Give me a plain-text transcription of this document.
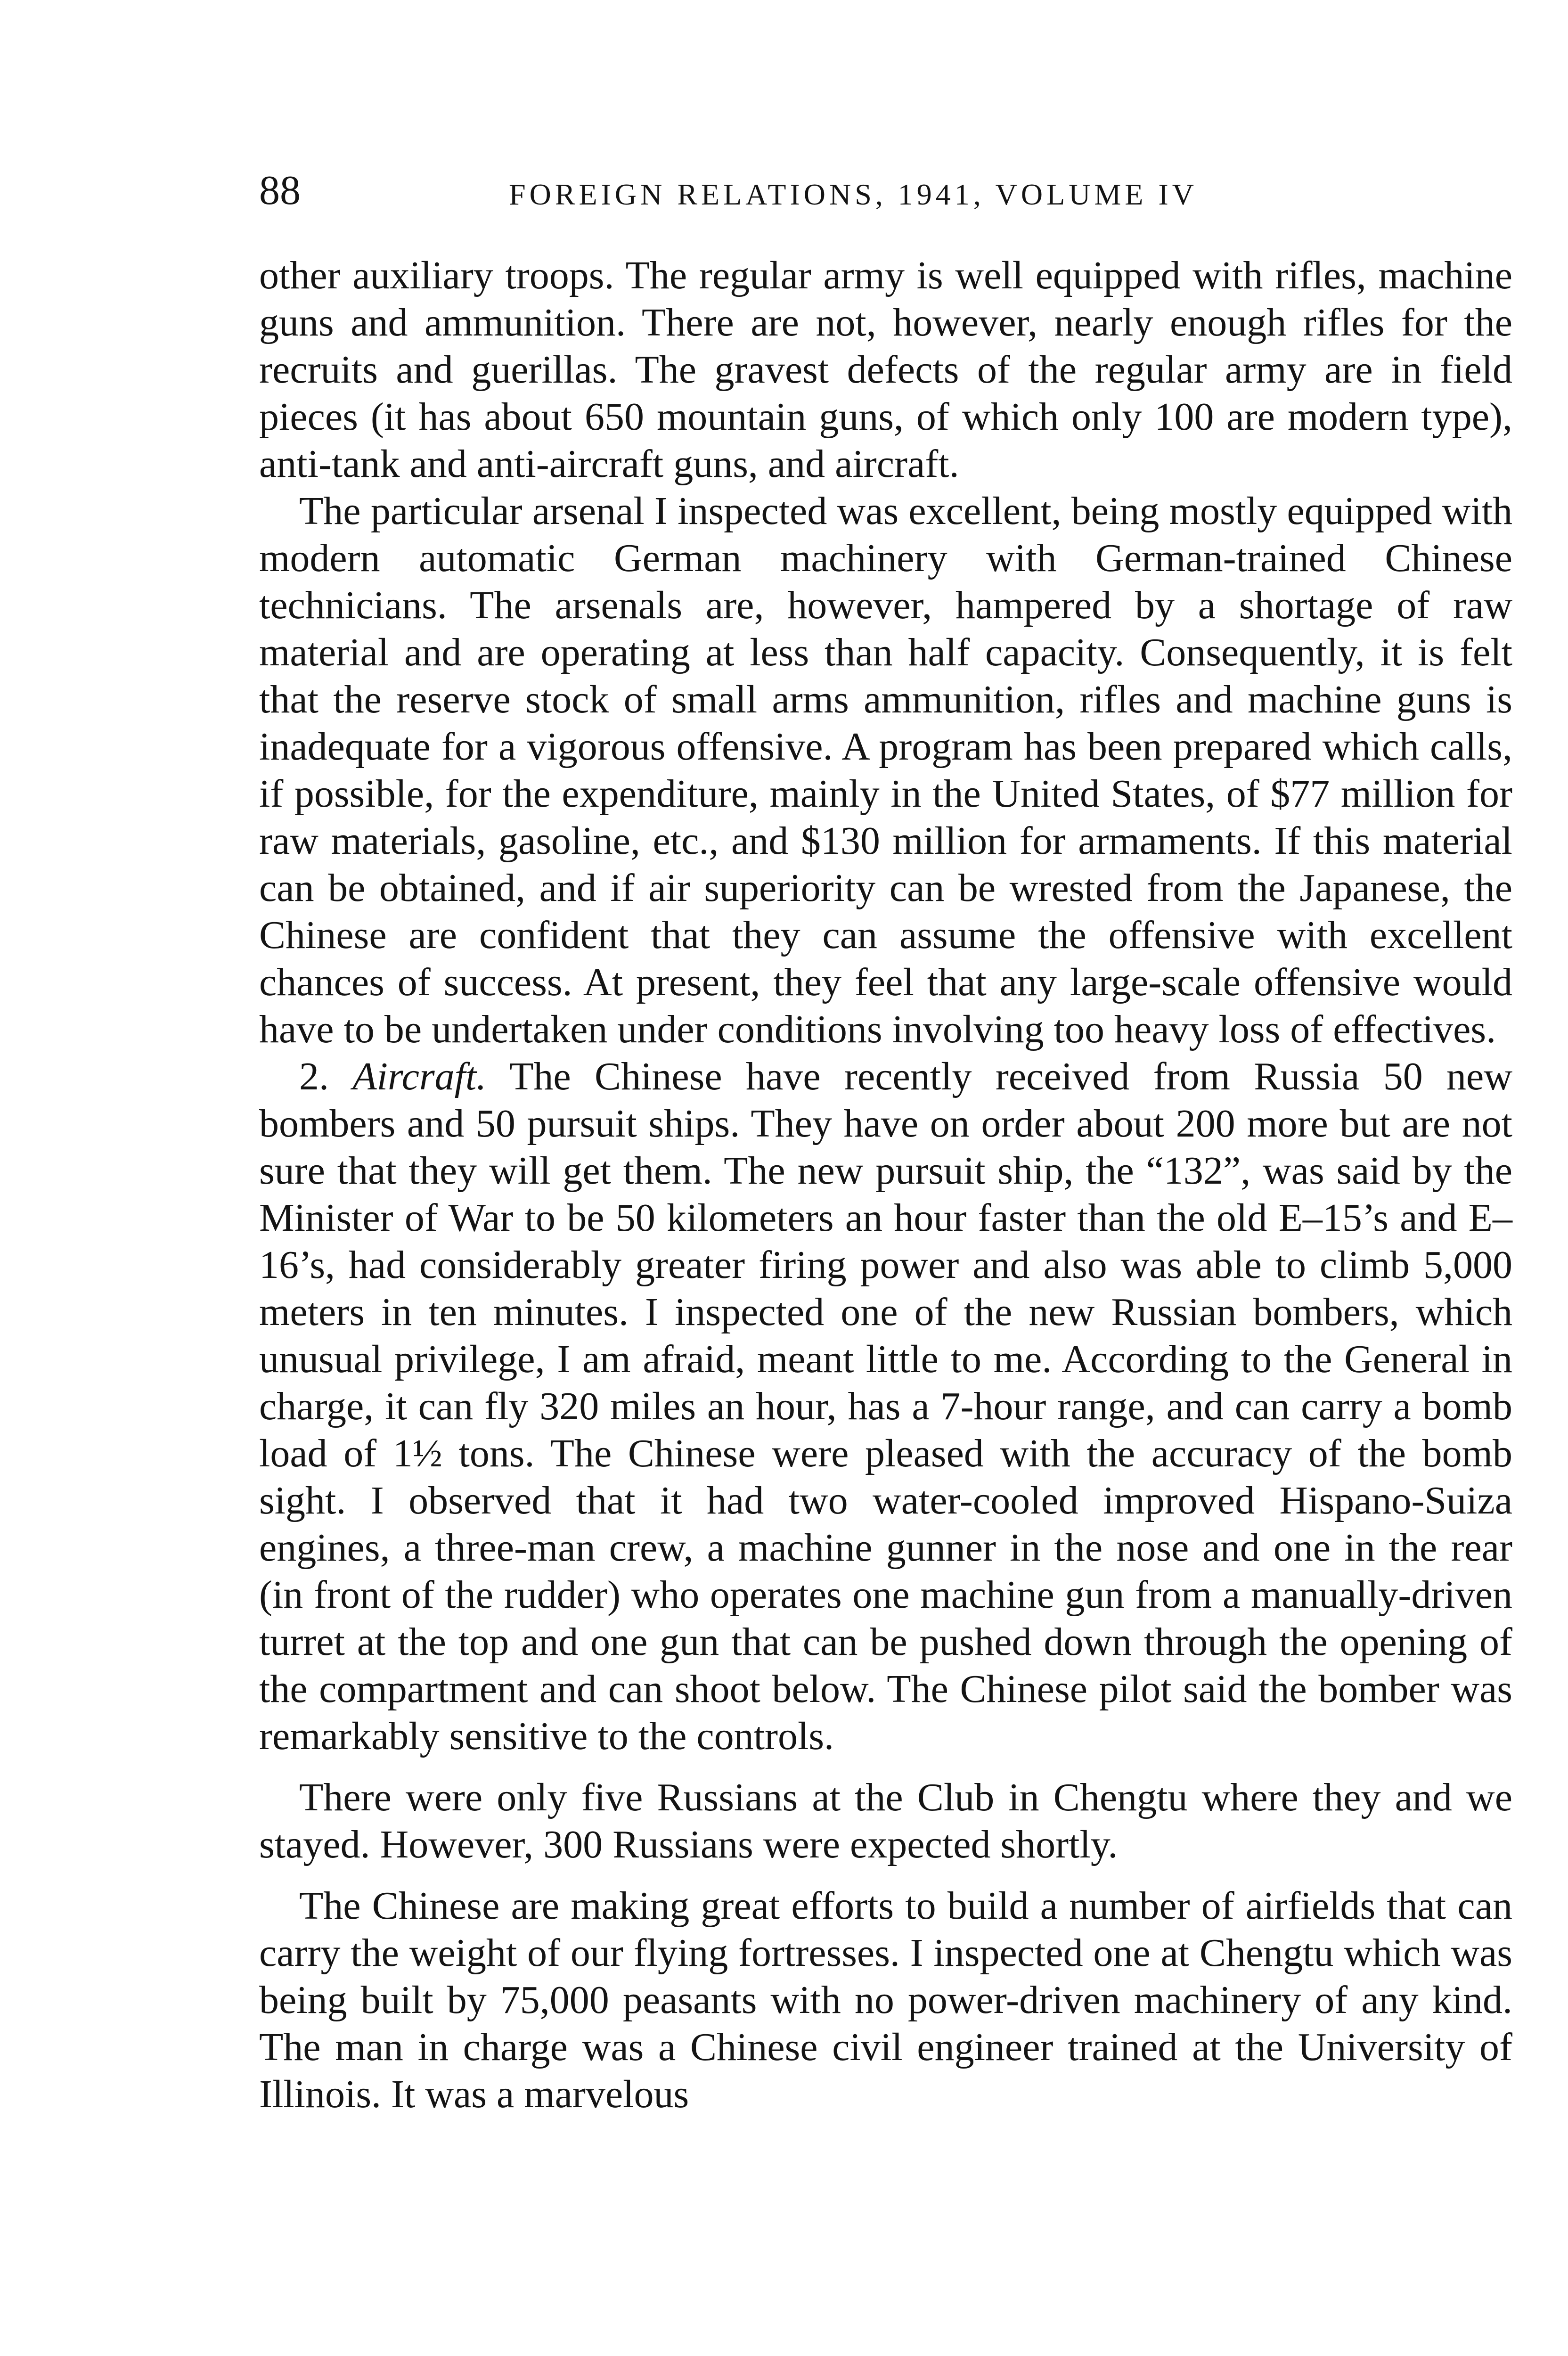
88	FOREIGN RELATIONS, 1941, VOLUME IV

other auxiliary troops. The regular army is well equipped with rifles, machine guns and ammunition. There are not, however, nearly enough rifles for the recruits and guerillas. The gravest defects of the regular army are in field pieces (it has about 650 mountain guns, of which only 100 are modern type), anti-tank and anti-aircraft guns, and aircraft.

The particular arsenal I inspected was excellent, being mostly equipped with modern automatic German machinery with German-trained Chinese technicians. The arsenals are, however, hampered by a shortage of raw material and are operating at less than half capacity. Consequently, it is felt that the reserve stock of small arms ammunition, rifles and machine guns is inadequate for a vigorous offensive. A program has been prepared which calls, if possible, for the expenditure, mainly in the United States, of $77 million for raw materials, gasoline, etc., and $130 million for armaments. If this material can be obtained, and if air superiority can be wrested from the Japanese, the Chinese are confident that they can assume the offensive with excellent chances of success. At present, they feel that any large-scale offensive would have to be undertaken under conditions involving too heavy loss of effectives.

2. Aircraft. The Chinese have recently received from Russia 50 new bombers and 50 pursuit ships. They have on order about 200 more but are not sure that they will get them. The new pursuit ship, the “132”, was said by the Minister of War to be 50 kilometers an hour faster than the old E–15’s and E–16’s, had considerably greater firing power and also was able to climb 5,000 meters in ten minutes. I inspected one of the new Russian bombers, which unusual privilege, I am afraid, meant little to me. According to the General in charge, it can fly 320 miles an hour, has a 7-hour range, and can carry a bomb load of 1½ tons. The Chinese were pleased with the accuracy of the bomb sight. I observed that it had two water-cooled improved Hispano-Suiza engines, a three-man crew, a machine gunner in the nose and one in the rear (in front of the rudder) who operates one machine gun from a manually-driven turret at the top and one gun that can be pushed down through the opening of the compartment and can shoot below. The Chinese pilot said the bomber was remarkably sensitive to the controls.

There were only five Russians at the Club in Chengtu where they and we stayed. However, 300 Russians were expected shortly.

The Chinese are making great efforts to build a number of airfields that can carry the weight of our flying fortresses. I inspected one at Chengtu which was being built by 75,000 peasants with no power-driven machinery of any kind. The man in charge was a Chinese civil engineer trained at the University of Illinois. It was a marvelous
